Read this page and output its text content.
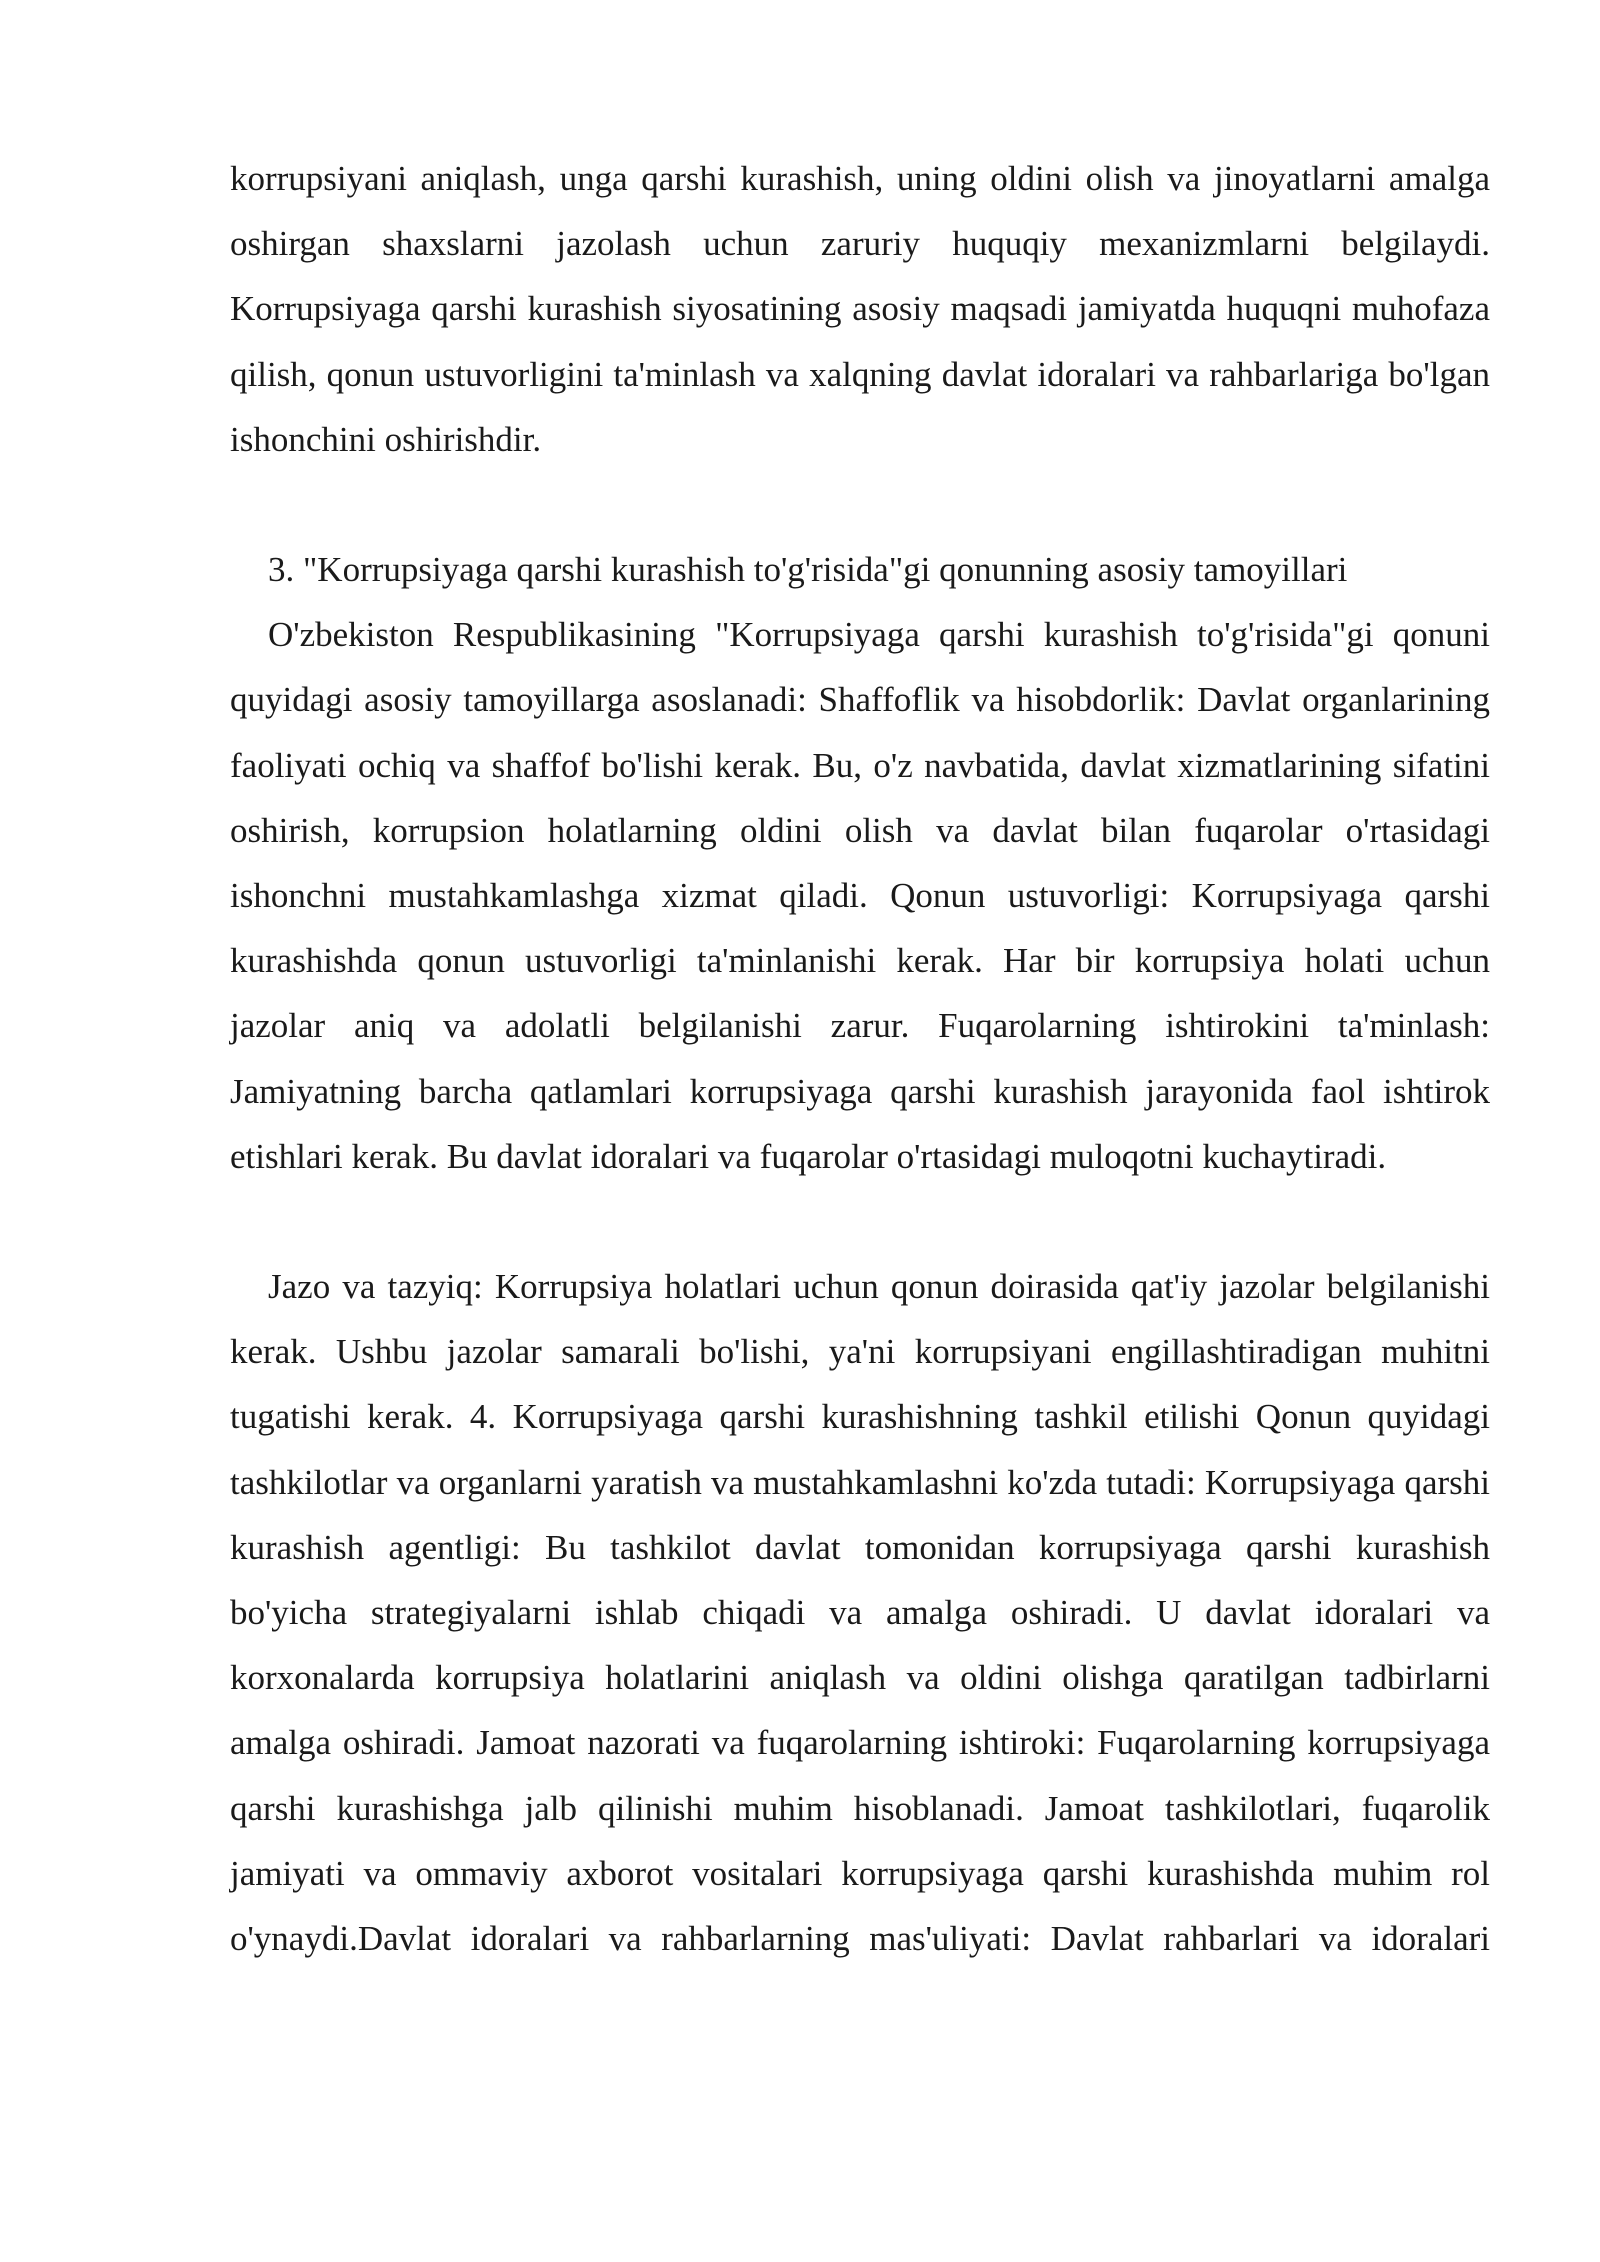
korrupsiyani aniqlash, unga qarshi kurashish, uning oldini olish va jinoyatlarni amalga oshirgan shaxslarni jazolash uchun zaruriy huquqiy mexanizmlarni belgilaydi. Korrupsiyaga qarshi kurashish siyosatining asosiy maqsadi jamiyatda huquqni muhofaza qilish, qonun ustuvorligini ta'minlash va xalqning davlat idoralari va rahbarlariga bo'lgan ishonchini oshirishdir.

3. "Korrupsiyaga qarshi kurashish to'g'risida"gi qonunning asosiy tamoyillari

O'zbekiston Respublikasining "Korrupsiyaga qarshi kurashish to'g'risida"gi qonuni quyidagi asosiy tamoyillarga asoslanadi: Shaffoflik va hisobdorlik: Davlat organlarining faoliyati ochiq va shaffof bo'lishi kerak. Bu, o'z navbatida, davlat xizmatlarining sifatini oshirish, korrupsion holatlarning oldini olish va davlat bilan fuqarolar o'rtasidagi ishonchni mustahkamlashga xizmat qiladi. Qonun ustuvorligi: Korrupsiyaga qarshi kurashishda qonun ustuvorligi ta'minlanishi kerak. Har bir korrupsiya holati uchun jazolar aniq va adolatli belgilanishi zarur. Fuqarolarning ishtirokini ta'minlash: Jamiyatning barcha qatlamlari korrupsiyaga qarshi kurashish jarayonida faol ishtirok etishlari kerak. Bu davlat idoralari va fuqarolar o'rtasidagi muloqotni kuchaytiradi.

Jazo va tazyiq: Korrupsiya holatlari uchun qonun doirasida qat'iy jazolar belgilanishi kerak. Ushbu jazolar samarali bo'lishi, ya'ni korrupsiyani engillashtiradigan muhitni tugatishi kerak. 4. Korrupsiyaga qarshi kurashishning tashkil etilishi Qonun quyidagi tashkilotlar va organlarni yaratish va mustahkamlashni ko'zda tutadi: Korrupsiyaga qarshi kurashish agentligi: Bu tashkilot davlat tomonidan korrupsiyaga qarshi kurashish bo'yicha strategiyalarni ishlab chiqadi va amalga oshiradi. U davlat idoralari va korxonalarda korrupsiya holatlarini aniqlash va oldini olishga qaratilgan tadbirlarni amalga oshiradi. Jamoat nazorati va fuqarolarning ishtiroki: Fuqarolarning korrupsiyaga qarshi kurashishga jalb qilinishi muhim hisoblanadi. Jamoat tashkilotlari, fuqarolik jamiyati va ommaviy axborot vositalari korrupsiyaga qarshi kurashishda muhim rol o'ynaydi.Davlat idoralari va rahbarlarning mas'uliyati: Davlat rahbarlari va idoralari
